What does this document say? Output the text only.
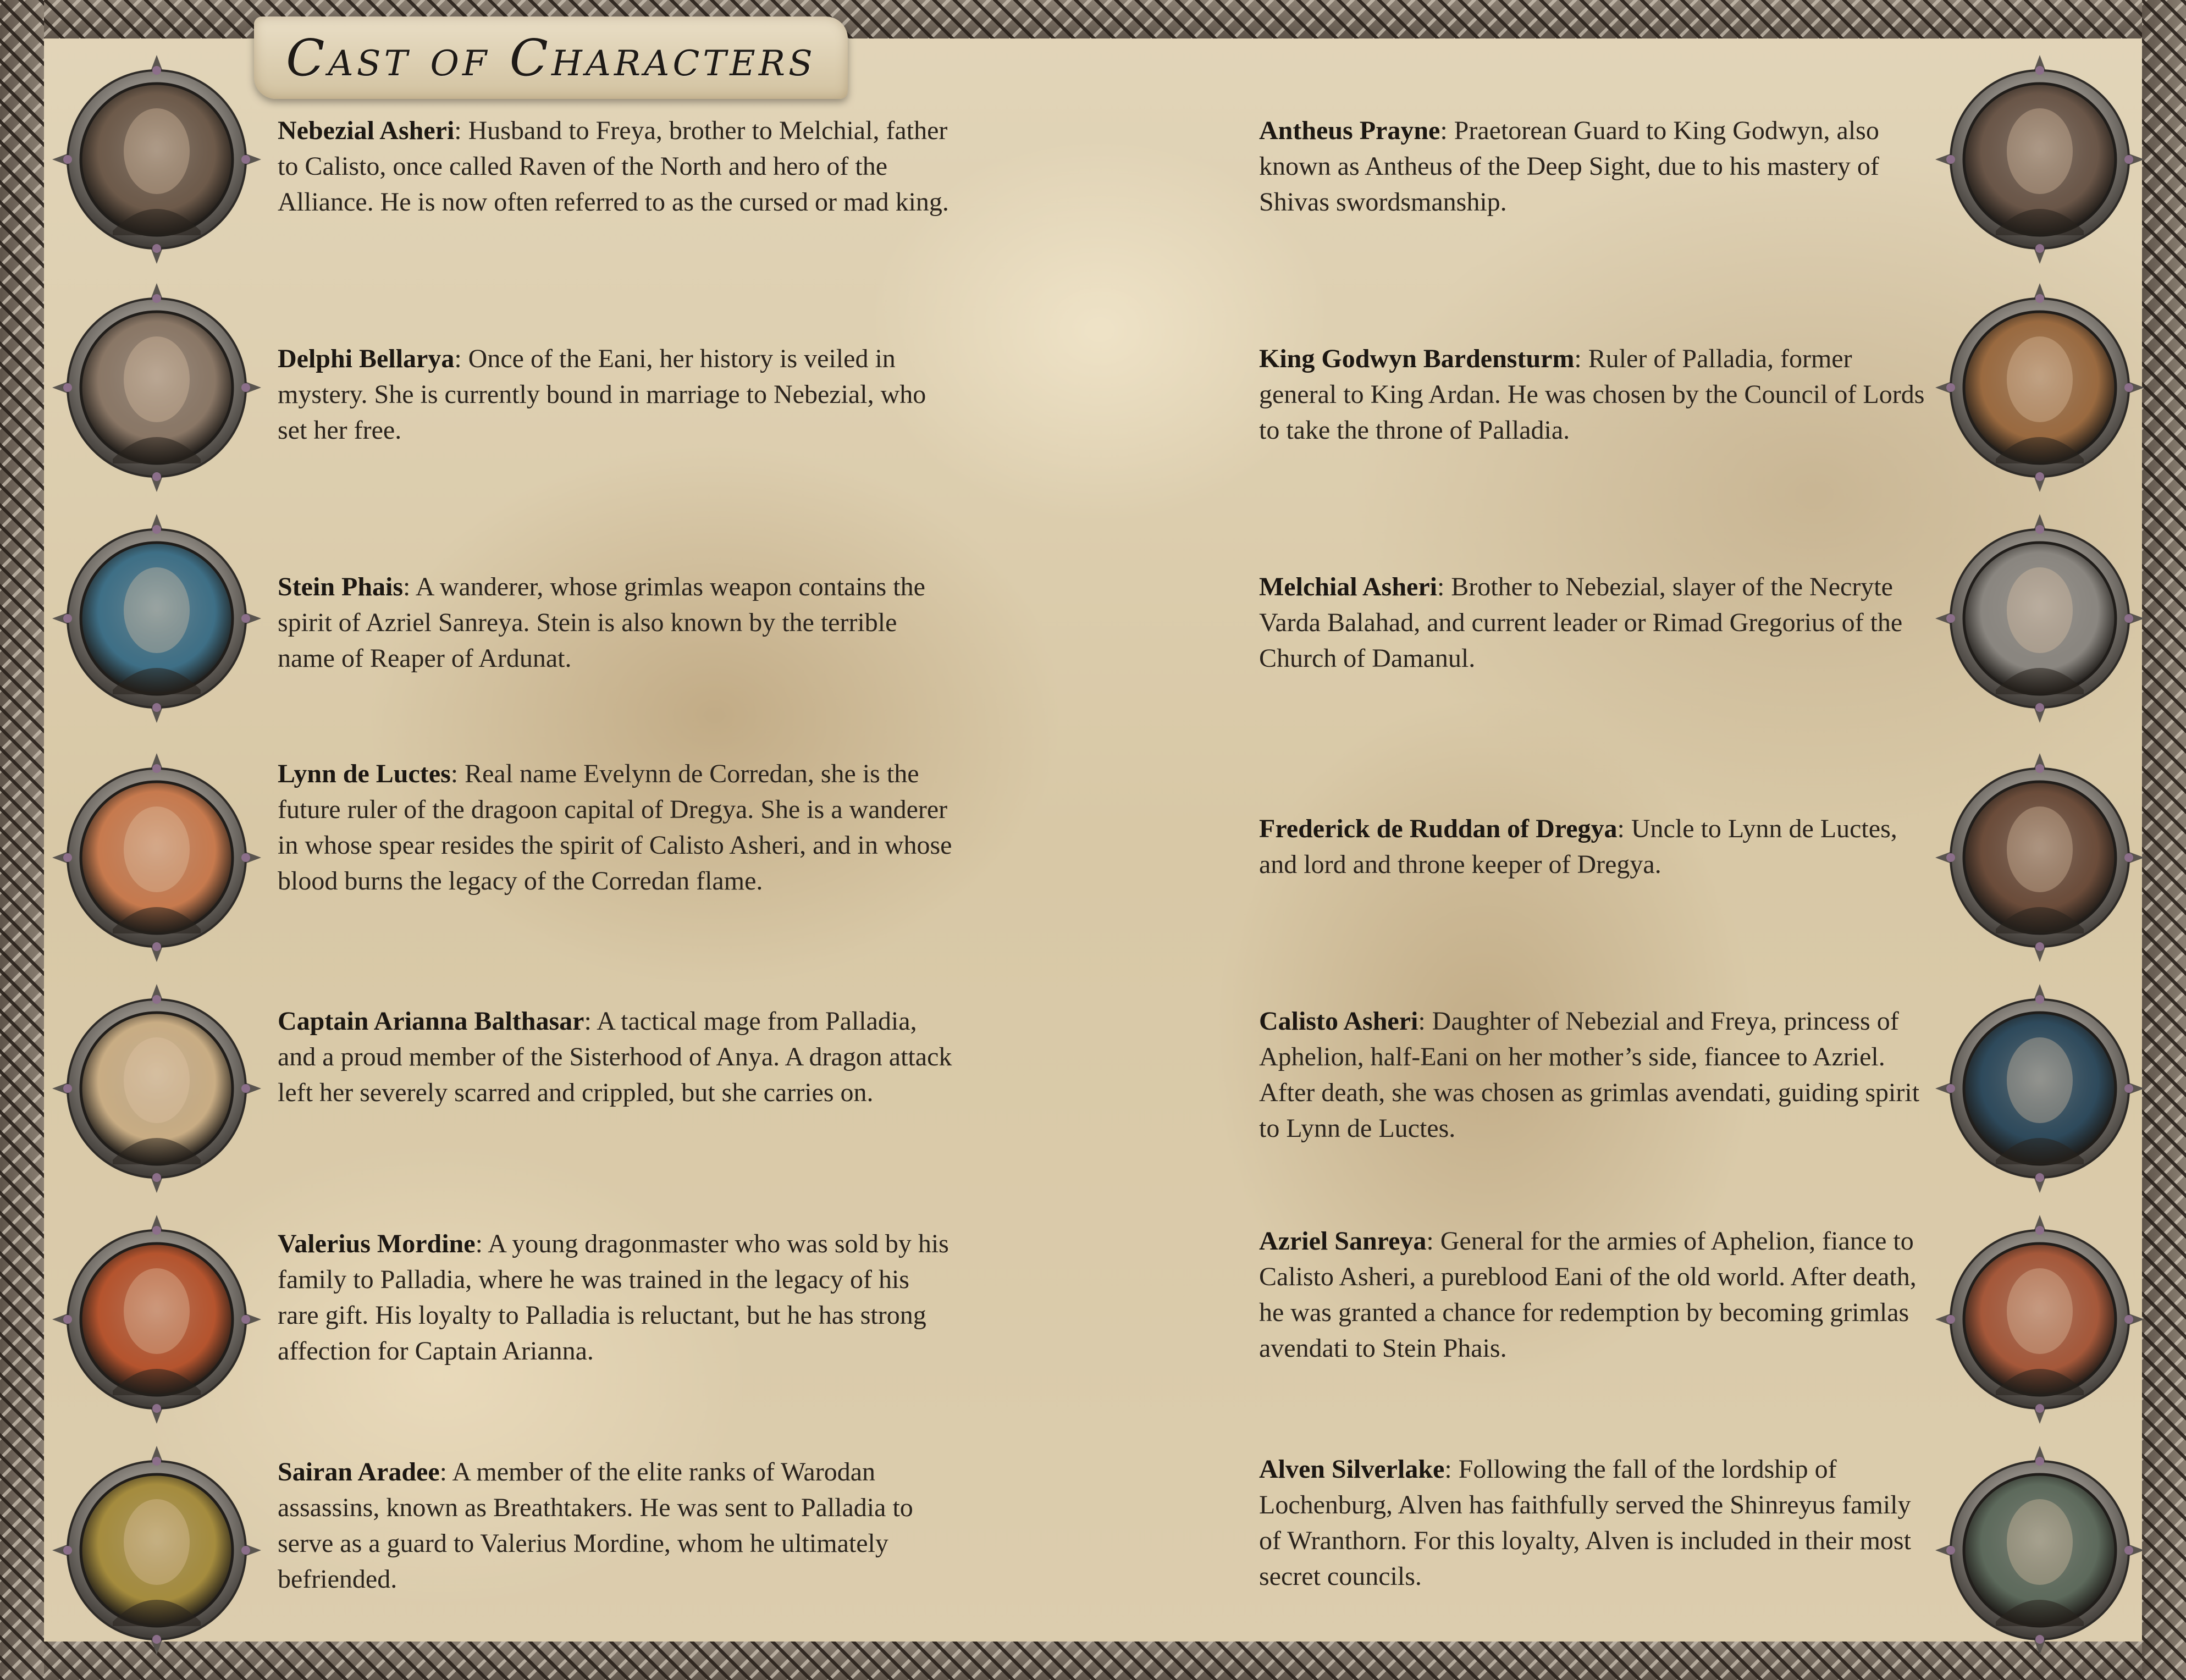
Cast of Characters
Nebezial Asheri: Husband to Freya, brother to Melchial, father to Calisto, once called Raven of the North and hero of the Alliance. He is now often referred to as the cursed or mad king.
Delphi Bellarya: Once of the Eani, her history is veiled in mystery. She is currently bound in marriage to Nebezial, who set her free.
Stein Phais: A wanderer, whose grimlas weapon contains the spirit of Azriel Sanreya. Stein is also known by the terrible name of Reaper of Ardunat.
Lynn de Luctes: Real name Evelynn de Corredan, she is the future ruler of the dragoon capital of Dregya. She is a wanderer in whose spear resides the spirit of Calisto Asheri, and in whose blood burns the legacy of the Corredan flame.
Captain Arianna Balthasar: A tactical mage from Palladia, and a proud member of the Sisterhood of Anya. A dragon attack left her severely scarred and crippled, but she carries on.
Valerius Mordine: A young dragonmaster who was sold by his family to Palladia, where he was trained in the legacy of his rare gift. His loyalty to Palladia is reluctant, but he has strong affection for Captain Arianna.
Sairan Aradee: A member of the elite ranks of Warodan assassins, known as Breathtakers. He was sent to Palladia to serve as a guard to Valerius Mordine, whom he ultimately befriended.
Antheus Prayne: Praetorean Guard to King Godwyn, also known as Antheus of the Deep Sight, due to his mastery of Shivas swordsmanship.
King Godwyn Bardensturm: Ruler of Palladia, former general to King Ardan. He was chosen by the Council of Lords to take the throne of Palladia.
Melchial Asheri: Brother to Nebezial, slayer of the Necryte Varda Balahad, and current leader or Rimad Gregorius of the Church of Damanul.
Frederick de Ruddan of Dregya: Uncle to Lynn de Luctes, and lord and throne keeper of Dregya.
Calisto Asheri: Daughter of Nebezial and Freya, princess of Aphelion, half-Eani on her mother’s side, fiancee to Azriel. After death, she was chosen as grimlas avendati, guiding spirit to Lynn de Luctes.
Azriel Sanreya: General for the armies of Aphelion, fiance to Calisto Asheri, a pureblood Eani of the old world. After death, he was granted a chance for redemption by becoming grimlas avendati to Stein Phais.
Alven Silverlake: Following the fall of the lordship of Lochenburg, Alven has faithfully served the Shinreyus family of Wranthorn. For this loyalty, Alven is included in their most secret councils.
